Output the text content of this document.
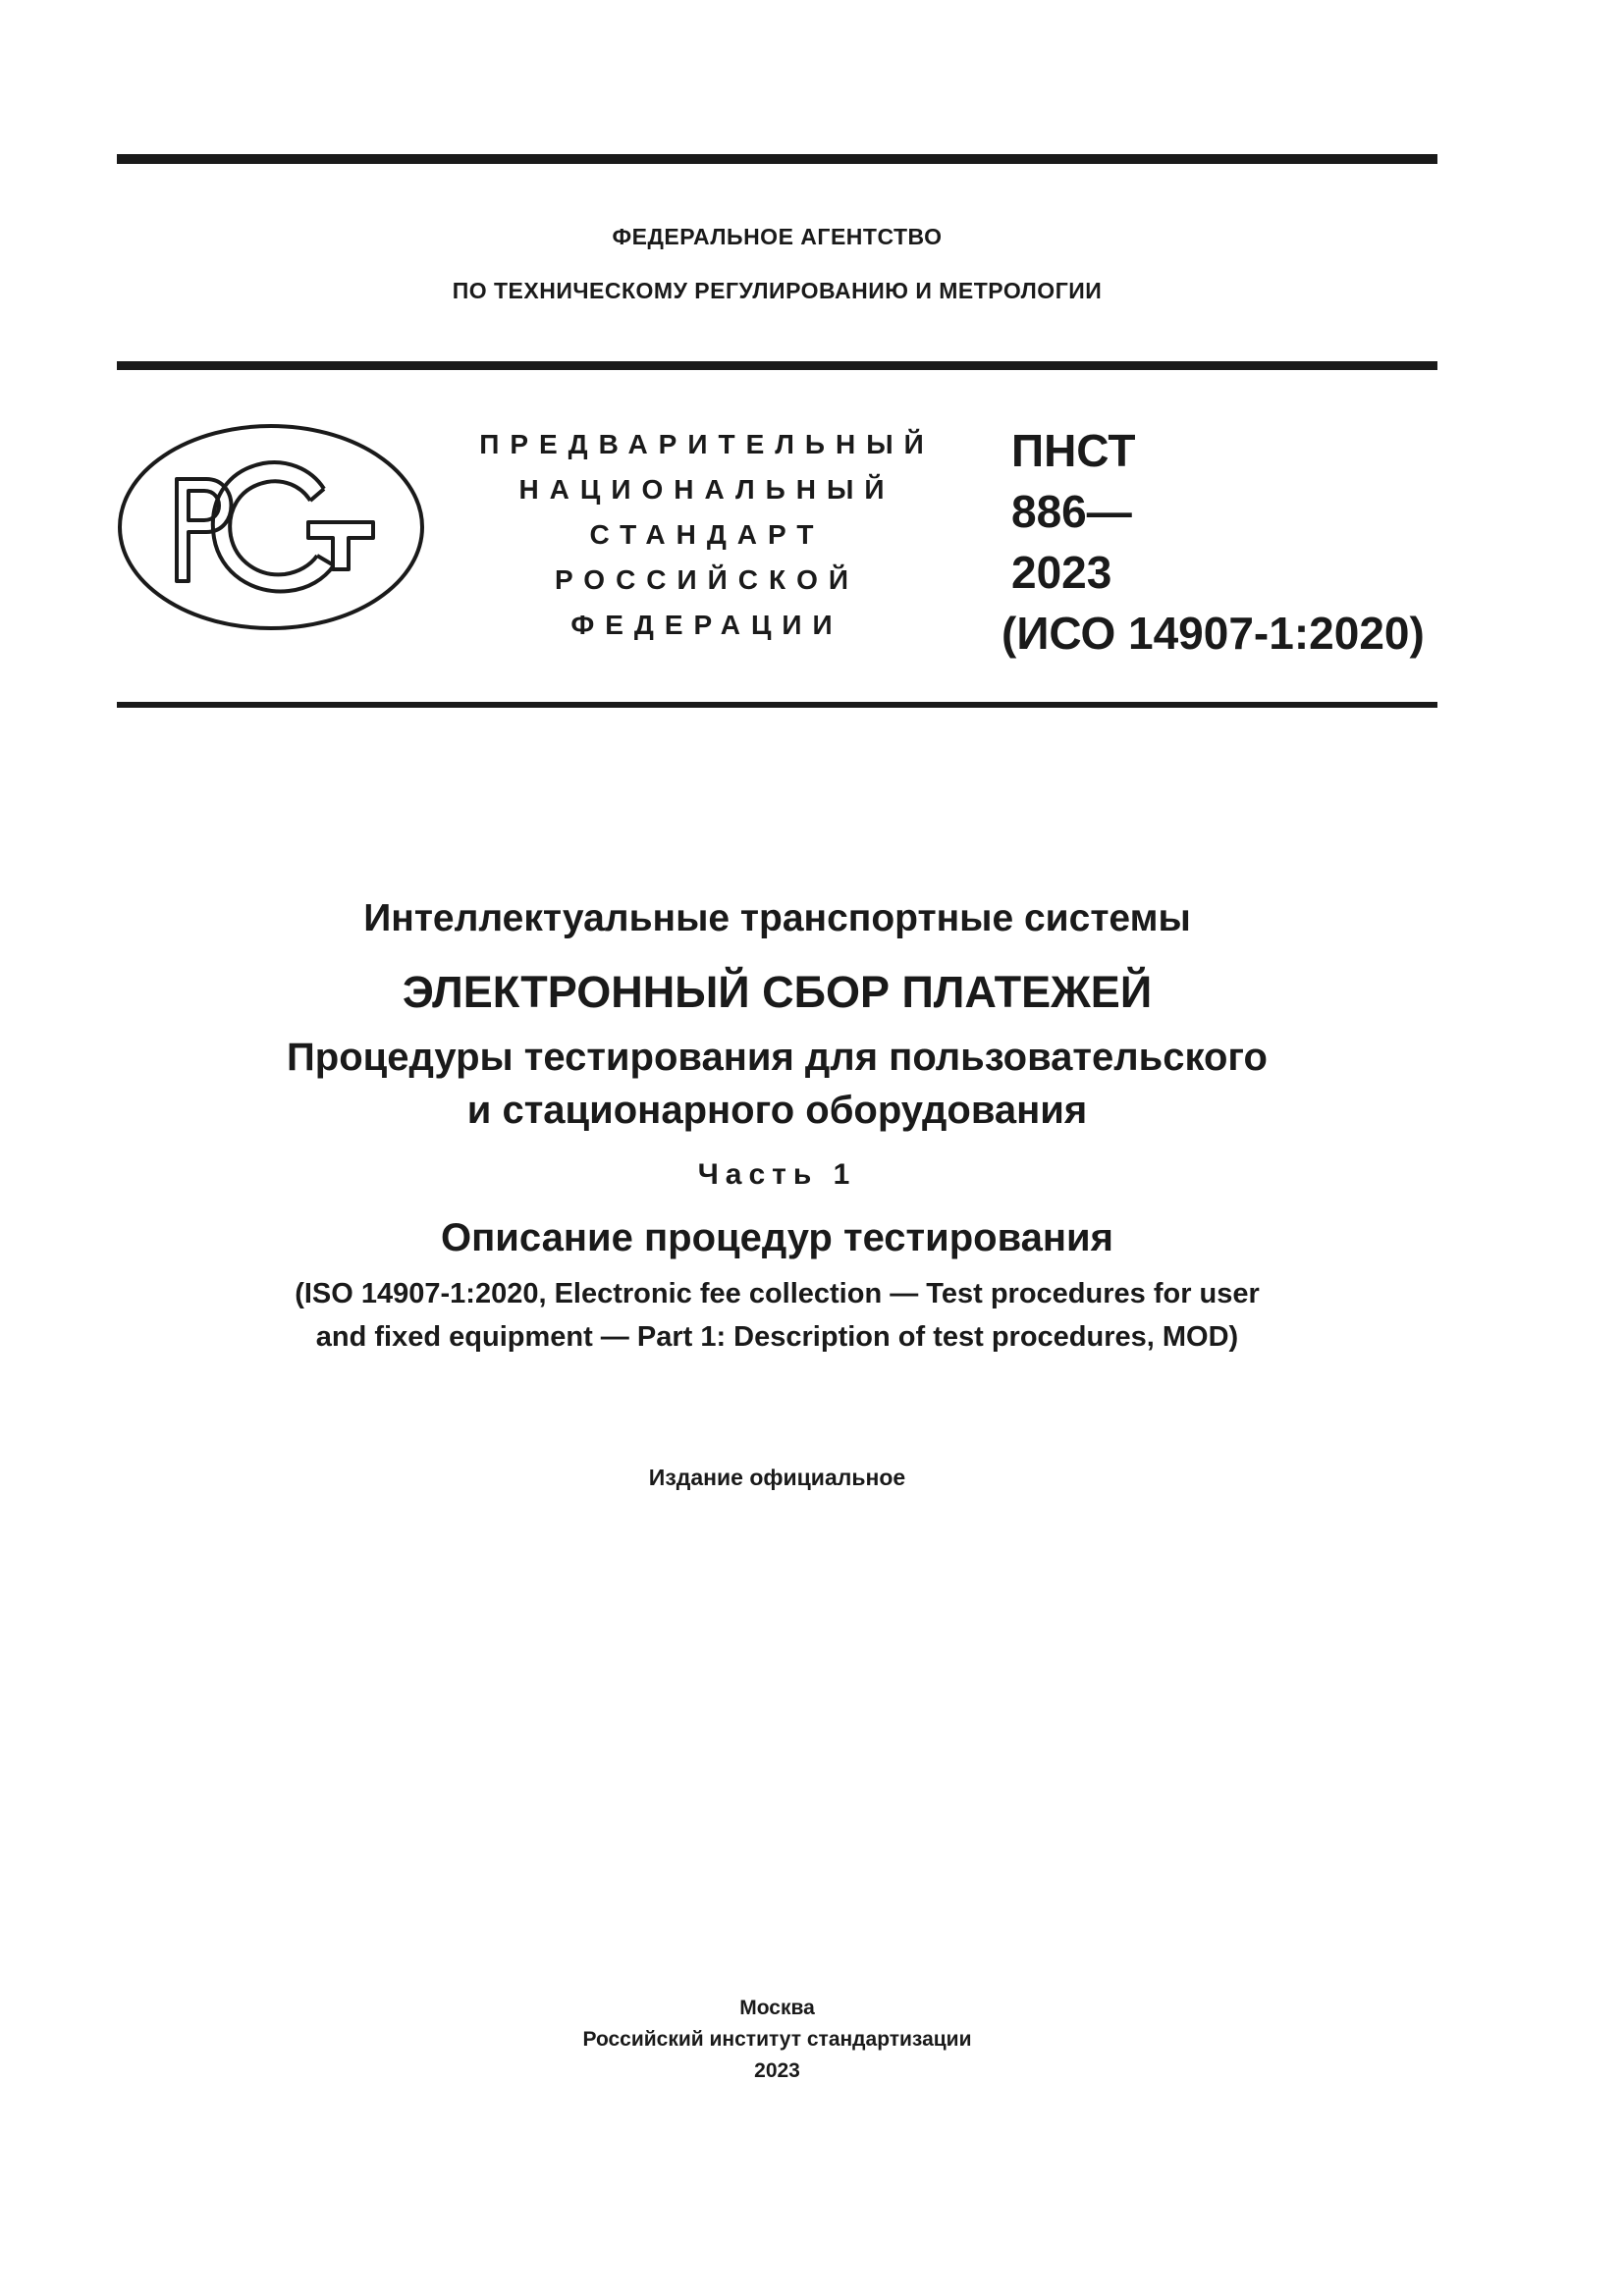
ФЕДЕРАЛЬНОЕ АГЕНТСТВО
ПО ТЕХНИЧЕСКОМУ РЕГУЛИРОВАНИЮ И МЕТРОЛОГИИ
ПРЕДВАРИТЕЛЬНЫЙ
НАЦИОНАЛЬНЫЙ
СТАНДАРТ
РОССИЙСКОЙ
ФЕДЕРАЦИИ
ПНСТ
886—
2023
(ИСО 14907-1:2020)

Интеллектуальные транспортные системы

ЭЛЕКТРОННЫЙ СБОР ПЛАТЕЖЕЙ

Процедуры тестирования для пользовательского

и стационарного оборудования

Часть 1

Описание процедур тестирования

(ISO 14907-1:2020, Electronic fee collection — Test procedures for user

and fixed equipment — Part 1: Description of test procedures, MOD)

Издание официальное
Москва
Российский институт стандартизации
2023
